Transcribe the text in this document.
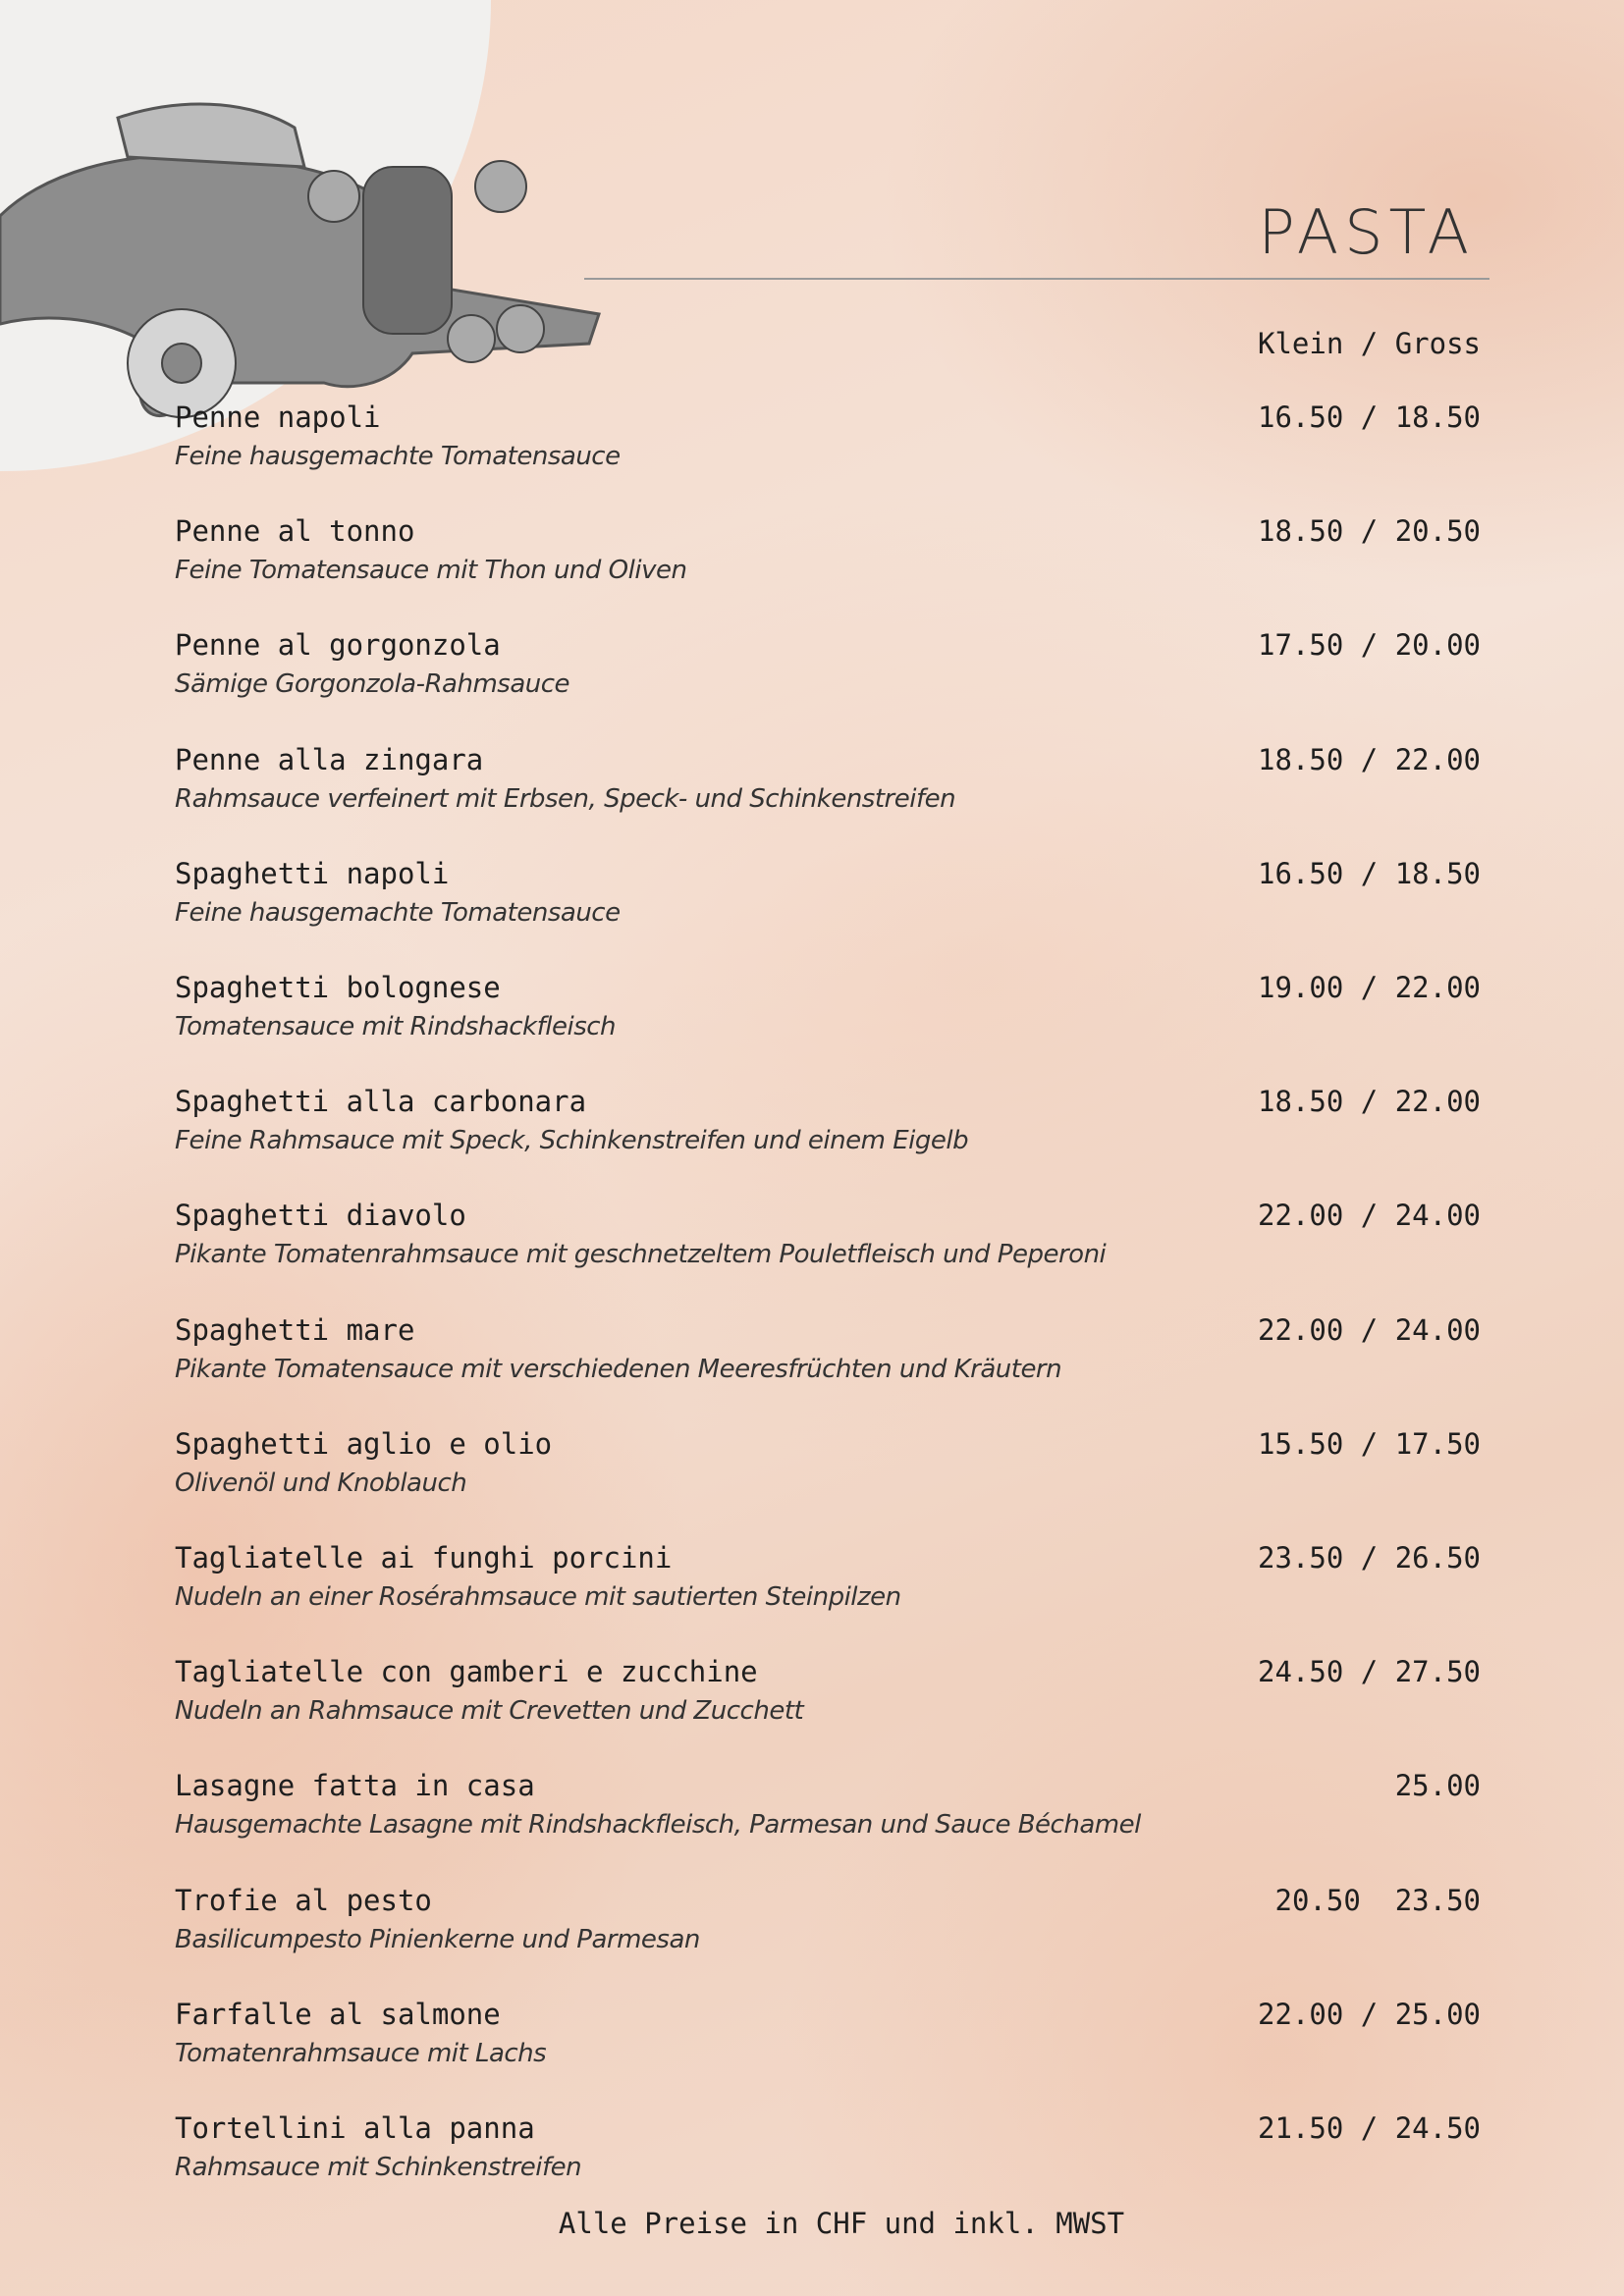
PASTA
Klein / Gross
Penne napoli	16.50 / 18.50
Feine hausgemachte Tomatensauce
Penne al tonno	18.50 / 20.50
Feine Tomatensauce mit Thon und Oliven
Penne al gorgonzola	17.50 / 20.00
Sämige Gorgonzola-Rahmsauce
Penne alla zingara	18.50 / 22.00
Rahmsauce verfeinert mit Erbsen, Speck- und Schinkenstreifen
Spaghetti napoli	16.50 / 18.50
Feine hausgemachte Tomatensauce
Spaghetti bolognese	19.00 / 22.00
Tomatensauce mit Rindshackfleisch
Spaghetti alla carbonara	18.50 / 22.00
Feine Rahmsauce mit Speck, Schinkenstreifen und einem Eigelb
Spaghetti diavolo	22.00 / 24.00
Pikante Tomatenrahmsauce mit geschnetzeltem Pouletfleisch und Peperoni
Spaghetti mare	22.00 / 24.00
Pikante Tomatensauce mit verschiedenen Meeresfrüchten und Kräutern
Spaghetti aglio e olio	15.50 / 17.50
Olivenöl und Knoblauch
Tagliatelle ai funghi porcini	23.50 / 26.50
Nudeln an einer Rosérahmsauce mit sautierten Steinpilzen
Tagliatelle con gamberi e zucchine	24.50 / 27.50
Nudeln an Rahmsauce mit Crevetten und Zucchett
Lasagne fatta in casa	25.00
Hausgemachte Lasagne mit Rindshackfleisch, Parmesan und Sauce Béchamel
Trofie al pesto	20.50  23.50
Basilicumpesto Pinienkerne und Parmesan
Farfalle al salmone	22.00 / 25.00
Tomatenrahmsauce mit Lachs
Tortellini alla panna	21.50 / 24.50
Rahmsauce mit Schinkenstreifen
Alle Preise in CHF und inkl. MWST
